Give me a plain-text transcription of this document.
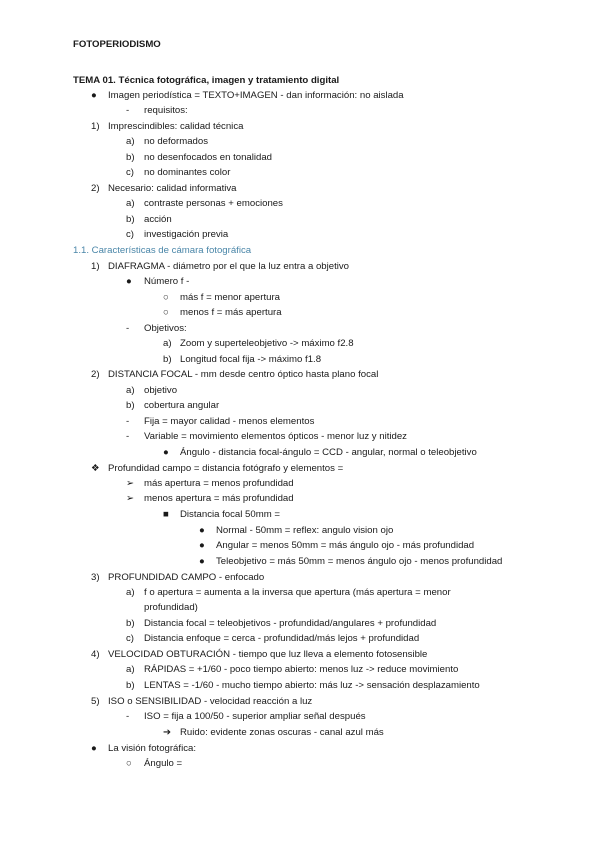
FOTOPERIODISMO
TEMA 01. Técnica fotográfica, imagen y tratamiento digital
● Imagen periodística = TEXTO+IMAGEN - dan información: no aislada
- requisitos:
1) Imprescindibles: calidad técnica
a) no deformados
b) no desenfocados en tonalidad
c) no dominantes color
2) Necesario: calidad informativa
a) contraste personas + emociones
b) acción
c) investigación previa
1.1. Características de cámara fotográfica
1) DIAFRAGMA - diámetro por el que la luz entra a objetivo
● Número f -
○ más f = menor apertura
○ menos f = más apertura
- Objetivos:
a) Zoom y superteleobjetivo -> máximo f2.8
b) Longitud focal fija -> máximo f1.8
2) DISTANCIA FOCAL - mm desde centro óptico hasta plano focal
a) objetivo
b) cobertura angular
- Fija = mayor calidad - menos elementos
- Variable = movimiento elementos ópticos - menor luz y nitidez
● Ángulo - distancia focal-ángulo = CCD - angular, normal o teleobjetivo
❖ Profundidad campo = distancia fotógrafo y elementos =
➢ más apertura = menos profundidad
➢ menos apertura = más profundidad
■ Distancia focal 50mm =
● Normal - 50mm = reflex: angulo vision ojo
● Angular = menos 50mm = más ángulo ojo - más profundidad
● Teleobjetivo = más 50mm = menos ángulo ojo - menos profundidad
3) PROFUNDIDAD CAMPO - enfocado
a) f o apertura = aumenta a la inversa que apertura (más apertura = menor
profundidad)
b) Distancia focal = teleobjetivos - profundidad/angulares + profundidad
c) Distancia enfoque = cerca - profundidad/más lejos + profundidad
4) VELOCIDAD OBTURACIÓN - tiempo que luz lleva a elemento fotosensible
a) RÁPIDAS = +1/60 - poco tiempo abierto: menos luz -> reduce movimiento
b) LENTAS = -1/60 - mucho tiempo abierto: más luz -> sensación desplazamiento
5) ISO o SENSIBILIDAD - velocidad reacción a luz
- ISO = fija a 100/50 - superior ampliar señal después
➔ Ruido: evidente zonas oscuras - canal azul más
● La visión fotográfica:
○ Ángulo =
